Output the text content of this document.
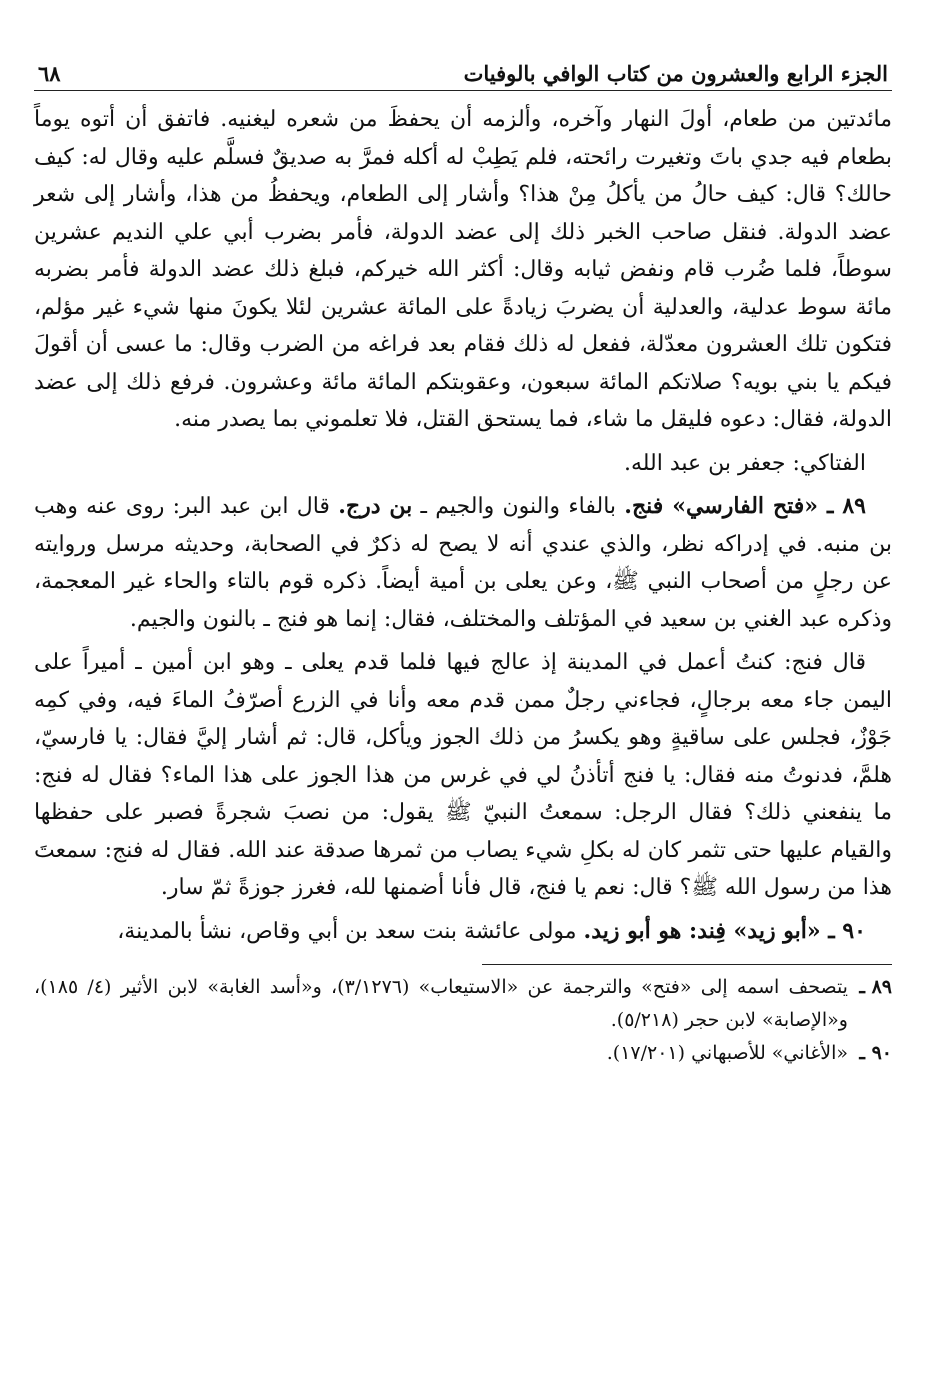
الجزء الرابع والعشرون من كتاب الوافي بالوفيات
٦٨

مائدتين من طعام، أولَ النهار وآخره، وألزمه أن يحفظَ من شعره ليغنيه. فاتفق أن أتوه يوماً بطعام فيه جدي باتَ وتغيرت رائحته، فلم يَطِبْ له أكله فمرَّ به صديقٌ فسلَّم عليه وقال له: كيف حالك؟ قال: كيف حالُ من يأكلُ مِنْ هذا؟ وأشار إلى الطعام، ويحفظُ من هذا، وأشار إلى شعر عضد الدولة. فنقل صاحب الخبر ذلك إلى عضد الدولة، فأمر بضرب أبي علي النديم عشرين سوطاً، فلما ضُرب قام ونفض ثيابه وقال: أكثر الله خيركم، فبلغ ذلك عضد الدولة فأمر بضربه مائة سوط عدلية، والعدلية أن يضربَ زيادةً على المائة عشرين لئلا يكونَ منها شيء غير مؤلم، فتكون تلك العشرون معدّلة، ففعل له ذلك فقام بعد فراغه من الضرب وقال: ما عسى أن أقولَ فيكم يا بني بويه؟ صلاتكم المائة سبعون، وعقوبتكم المائة مائة وعشرون. فرفع ذلك إلى عضد الدولة، فقال: دعوه فليقل ما شاء، فما يستحق القتل، فلا تعلموني بما يصدر منه.

الفتاكي: جعفر بن عبد الله.

٨٩ ـ «فتح الفارسي» فنج. بالفاء والنون والجيم ـ بن درج. قال ابن عبد البر: روى عنه وهب بن منبه. في إدراكه نظر، والذي عندي أنه لا يصح له ذكرٌ في الصحابة، وحديثه مرسل وروايته عن رجلٍ من أصحاب النبي ﷺ، وعن يعلى بن أمية أيضاً. ذكره قوم بالتاء والحاء غير المعجمة، وذكره عبد الغني بن سعيد في المؤتلف والمختلف، فقال: إنما هو فنج ـ بالنون والجيم.

قال فنج: كنتُ أعمل في المدينة إذ عالج فيها فلما قدم يعلى ـ وهو ابن أمين ـ أميراً على اليمن جاء معه برجالٍ، فجاءني رجلٌ ممن قدم معه وأنا في الزرع أصرّفُ الماءَ فيه، وفي كمِه جَوْزٌ، فجلس على ساقيةٍ وهو يكسرُ من ذلك الجوز ويأكل، قال: ثم أشار إليَّ فقال: يا فارسيّ، هلمَّ، فدنوتُ منه فقال: يا فنج أتأذنُ لي في غرس من هذا الجوز على هذا الماء؟ فقال له فنج: ما ينفعني ذلك؟ فقال الرجل: سمعتُ النبيّ ﷺ يقول: من نصبَ شجرةً فصبر على حفظها والقيام عليها حتى تثمر كان له بكلِ شيء يصاب من ثمرها صدقة عند الله. فقال له فنج: سمعتَ هذا من رسول الله ﷺ؟ قال: نعم يا فنج، قال فأنا أضمنها لله، فغرز جوزةً ثمّ سار.

٩٠ ـ «أبو زيد» فِند: هو أبو زيد. مولى عائشة بنت سعد بن أبي وقاص، نشأ بالمدينة،

٨٩ ـ
يتصحف اسمه إلى «فتح» والترجمة عن «الاستيعاب» (٣/١٢٧٦)، و«أسد الغابة» لابن الأثير (٤/ ١٨٥)، و«الإصابة» لابن حجر (٥/٢١٨).
٩٠ ـ
«الأغاني» للأصبهاني (١٧/٢٠١).
